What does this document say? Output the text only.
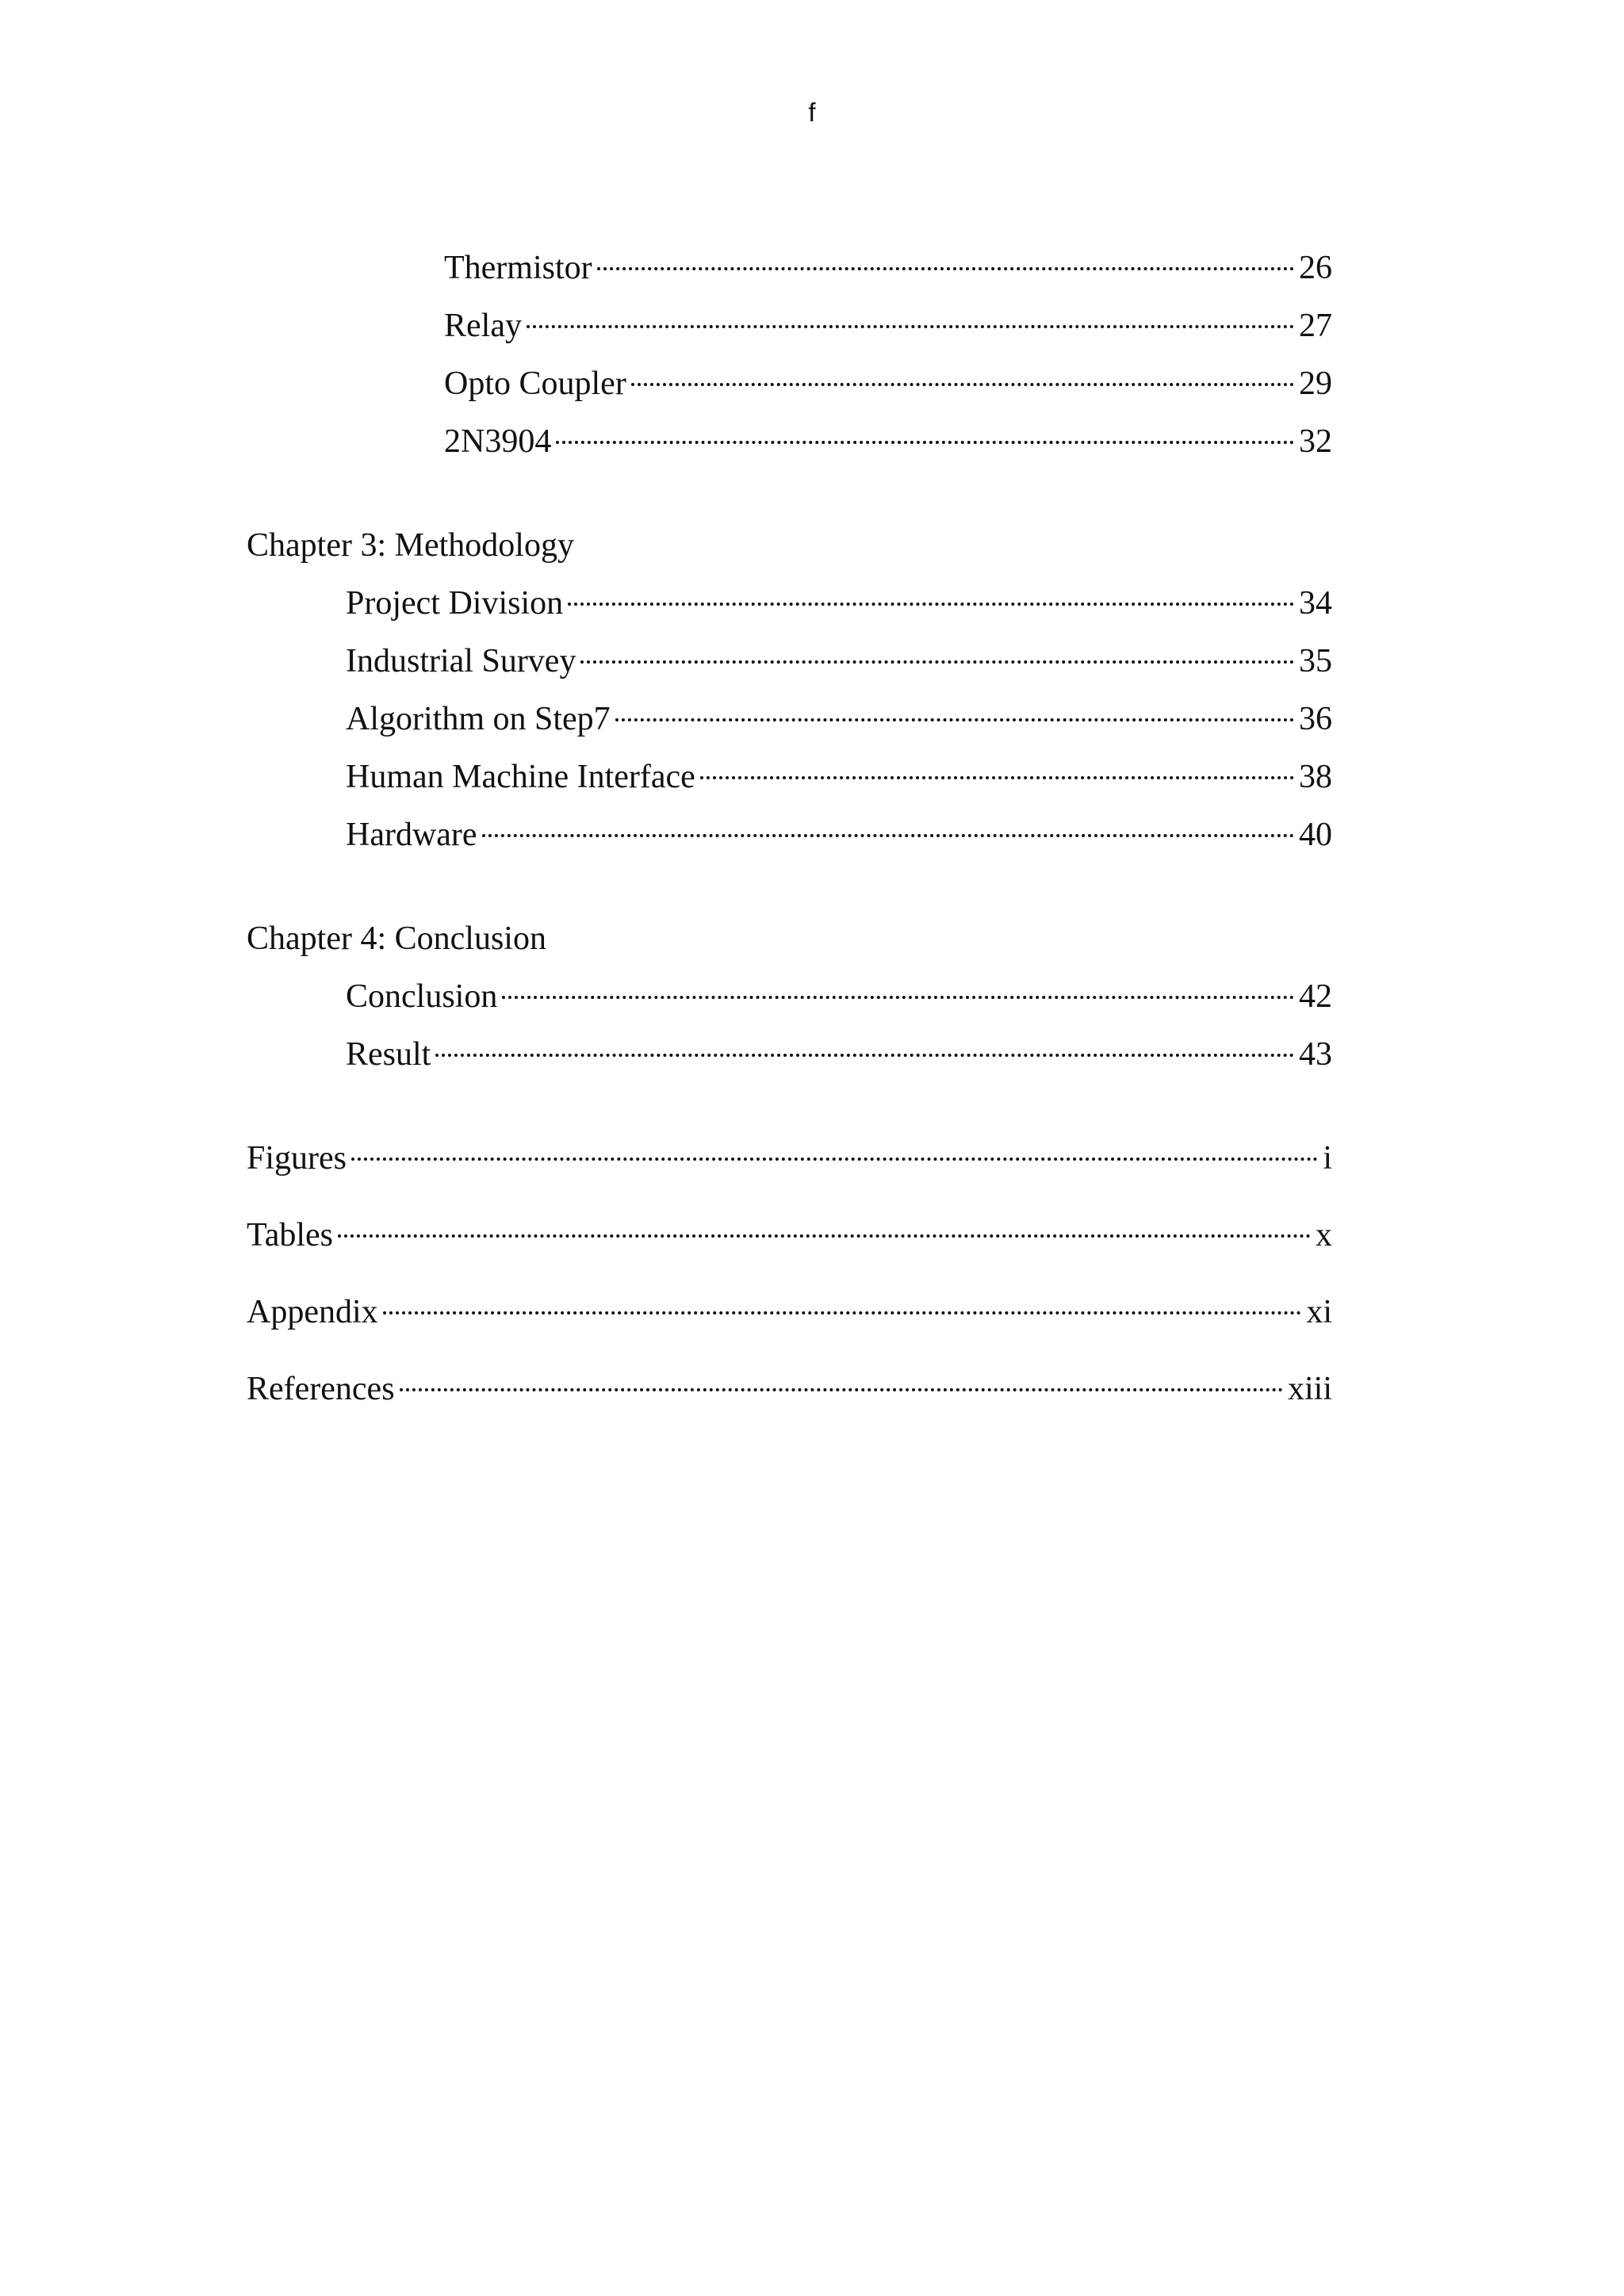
f
Thermistor	26
Relay	27
Opto Coupler	29
2N3904	32
Chapter 3: Methodology
Project Division	34
Industrial Survey	35
Algorithm on Step7	36
Human Machine Interface	38
Hardware	40
Chapter 4: Conclusion
Conclusion	42
Result	43
Figures	i
Tables	x
Appendix	xi
References	xiii
